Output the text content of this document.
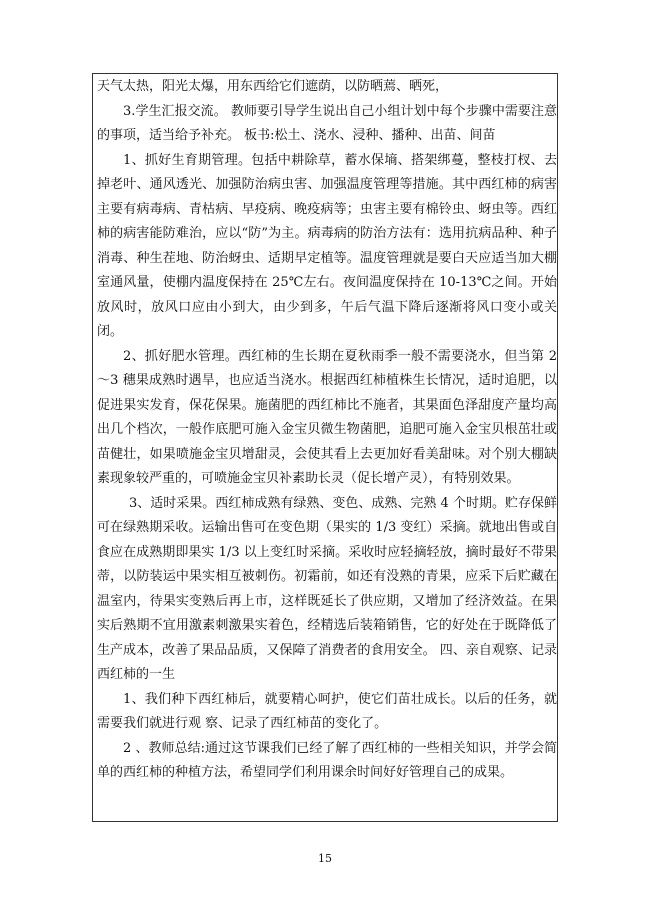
天气太热，阳光太爆，用东西给它们遮荫，以防晒蔫、晒死，

3.学生汇报交流。 教师要引导学生说出自己小组计划中每个步骤中需要注意的事项，适当给予补充。 板书:松土、浇水、浸种、播种、出苗、间苗

1、抓好生育期管理。包括中耕除草，蓄水保墒、搭架绑蔓，整枝打杈、去掉老叶、通风透光、加强防治病虫害、加强温度管理等措施。其中西红柿的病害主要有病毒病、青枯病、早疫病、晚疫病等；虫害主要有棉铃虫、蚜虫等。西红柿的病害能防难治，应以“防”为主。病毒病的防治方法有：选用抗病品种、种子消毒、种生茬地、防治蚜虫、适期早定植等。温度管理就是要白天应适当加大棚室通风量，使棚内温度保持在 25℃左右。夜间温度保持在 10-13℃之间。开始放风时，放风口应由小到大，由少到多，午后气温下降后逐渐将风口变小或关闭。

2、抓好肥水管理。西红柿的生长期在夏秋雨季一般不需要浇水，但当第 2～3 穗果成熟时遇旱，也应适当浇水。根据西红柿植株生长情况，适时追肥，以促进果实发育，保花保果。施菌肥的西红柿比不施者，其果面色泽甜度产量均高出几个档次，一般作底肥可施入金宝贝微生物菌肥，追肥可施入金宝贝根茁壮或苗健壮，如果喷施金宝贝增甜灵，会使其看上去更加好看美甜味。对个别大棚缺素现象较严重的，可喷施金宝贝补素助长灵（促长增产灵），有特别效果。

3、适时采果。西红柿成熟有绿熟、变色、成熟、完熟 4 个时期。贮存保鲜可在绿熟期采收。运输出售可在变色期（果实的 1/3 变红）采摘。就地出售或自食应在成熟期即果实 1/3 以上变红时采摘。采收时应轻摘轻放，摘时最好不带果蒂，以防装运中果实相互被刺伤。初霜前，如还有没熟的青果，应采下后贮藏在温室内，待果实变熟后再上市，这样既延长了供应期，又增加了经济效益。在果实后熟期不宜用激素刺激果实着色，经精选后装箱销售，它的好处在于既降低了生产成本，改善了果品品质，又保障了消费者的食用安全。 四、亲自观察、记录西红柿的一生

1、我们种下西红柿后，就要精心呵护，使它们苗壮成长。以后的任务，就需要我们就进行观 察、记录了西红柿苗的变化了。

2 、教师总结:通过这节课我们已经了解了西红柿的一些相关知识，并学会简单的西红柿的种植方法，希望同学们利用课余时间好好管理自己的成果。

15
